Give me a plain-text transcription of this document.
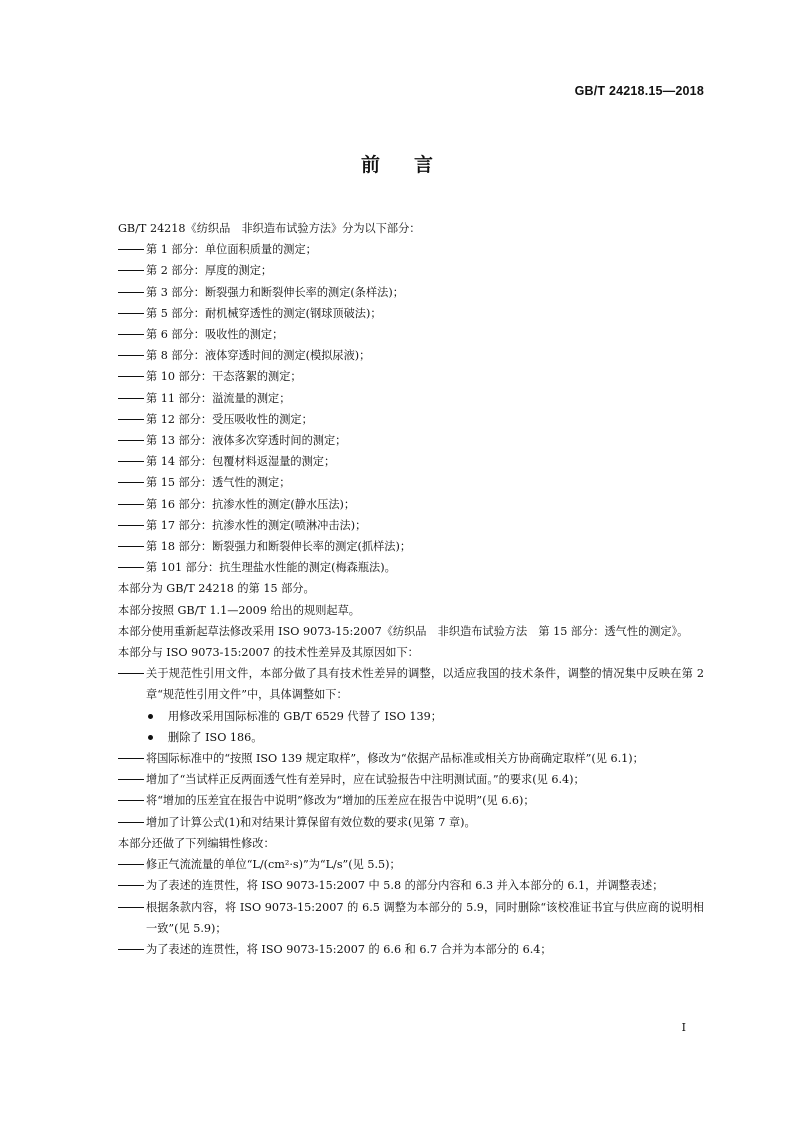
GB/T 24218.15—2018
前言

GB/T 24218《纺织品　非织造布试验方法》分为以下部分：

第 1 部分：单位面积质量的测定；

第 2 部分：厚度的测定；

第 3 部分：断裂强力和断裂伸长率的测定(条样法)；

第 5 部分：耐机械穿透性的测定(钢球顶破法)；

第 6 部分：吸收性的测定；

第 8 部分：液体穿透时间的测定(模拟尿液)；

第 10 部分：干态落絮的测定；

第 11 部分：溢流量的测定；

第 12 部分：受压吸收性的测定；

第 13 部分：液体多次穿透时间的测定；

第 14 部分：包覆材料返湿量的测定；

第 15 部分：透气性的测定；

第 16 部分：抗渗水性的测定(静水压法)；

第 17 部分：抗渗水性的测定(喷淋冲击法)；

第 18 部分：断裂强力和断裂伸长率的测定(抓样法)；

第 101 部分：抗生理盐水性能的测定(梅森瓶法)。

本部分为 GB/T 24218 的第 15 部分。

本部分按照 GB/T 1.1—2009 给出的规则起草。

本部分使用重新起草法修改采用 ISO 9073-15:2007《纺织品　非织造布试验方法　第 15 部分：透气性的测定》。

本部分与 ISO 9073-15:2007 的技术性差异及其原因如下：

关于规范性引用文件，本部分做了具有技术性差异的调整，以适应我国的技术条件，调整的情况集中反映在第 2 章“规范性引用文件”中，具体调整如下：

用修改采用国际标准的 GB/T 6529 代替了 ISO 139；

删除了 ISO 186。

将国际标准中的“按照 ISO 139 规定取样”，修改为“依据产品标准或相关方协商确定取样”(见 6.1)；

增加了“当试样正反两面透气性有差异时，应在试验报告中注明测试面。”的要求(见 6.4)；

将“增加的压差宜在报告中说明”修改为“增加的压差应在报告中说明”(见 6.6)；

增加了计算公式(1)和对结果计算保留有效位数的要求(见第 7 章)。

本部分还做了下列编辑性修改：

修正气流流量的单位“L/(cm²·s)”为“L/s”(见 5.5)；

为了表述的连贯性，将 ISO 9073-15:2007 中 5.8 的部分内容和 6.3 并入本部分的 6.1，并调整表述；

根据条款内容，将 ISO 9073-15:2007 的 6.5 调整为本部分的 5.9，同时删除“该校准证书宜与供应商的说明相一致”(见 5.9)；

为了表述的连贯性，将 ISO 9073-15:2007 的 6.6 和 6.7 合并为本部分的 6.4；

I
